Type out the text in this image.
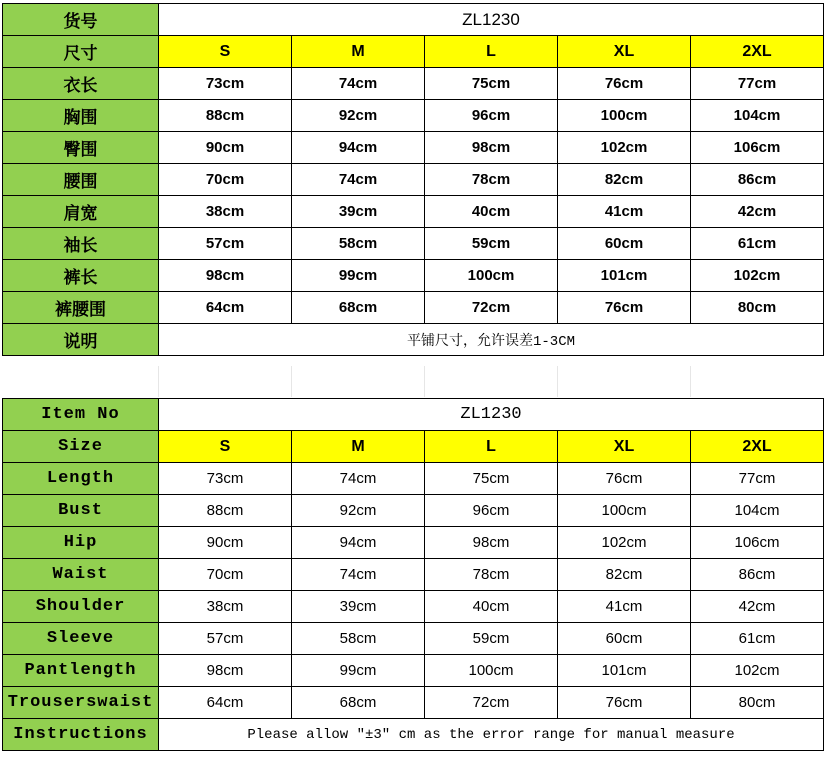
货号	ZL1230				
尺寸	S	M	L	XL	2XL
衣长	73cm	74cm	75cm	76cm	77cm
胸围	88cm	92cm	96cm	100cm	104cm
臀围	90cm	94cm	98cm	102cm	106cm
腰围	70cm	74cm	78cm	82cm	86cm
肩宽	38cm	39cm	40cm	41cm	42cm
袖长	57cm	58cm	59cm	60cm	61cm
裤长	98cm	99cm	100cm	101cm	102cm
裤腰围	64cm	68cm	72cm	76cm	80cm
说明	平铺尺寸，允许误差1-3CM				
Item No	ZL1230				
Size	S	M	L	XL	2XL
Length	73cm	74cm	75cm	76cm	77cm
Bust	88cm	92cm	96cm	100cm	104cm
Hip	90cm	94cm	98cm	102cm	106cm
Waist	70cm	74cm	78cm	82cm	86cm
Shoulder	38cm	39cm	40cm	41cm	42cm
Sleeve	57cm	58cm	59cm	60cm	61cm
Pantlength	98cm	99cm	100cm	101cm	102cm
Trouserswaist	64cm	68cm	72cm	76cm	80cm
Instructions	Please allow "±3" cm as the error range for manual measure				
